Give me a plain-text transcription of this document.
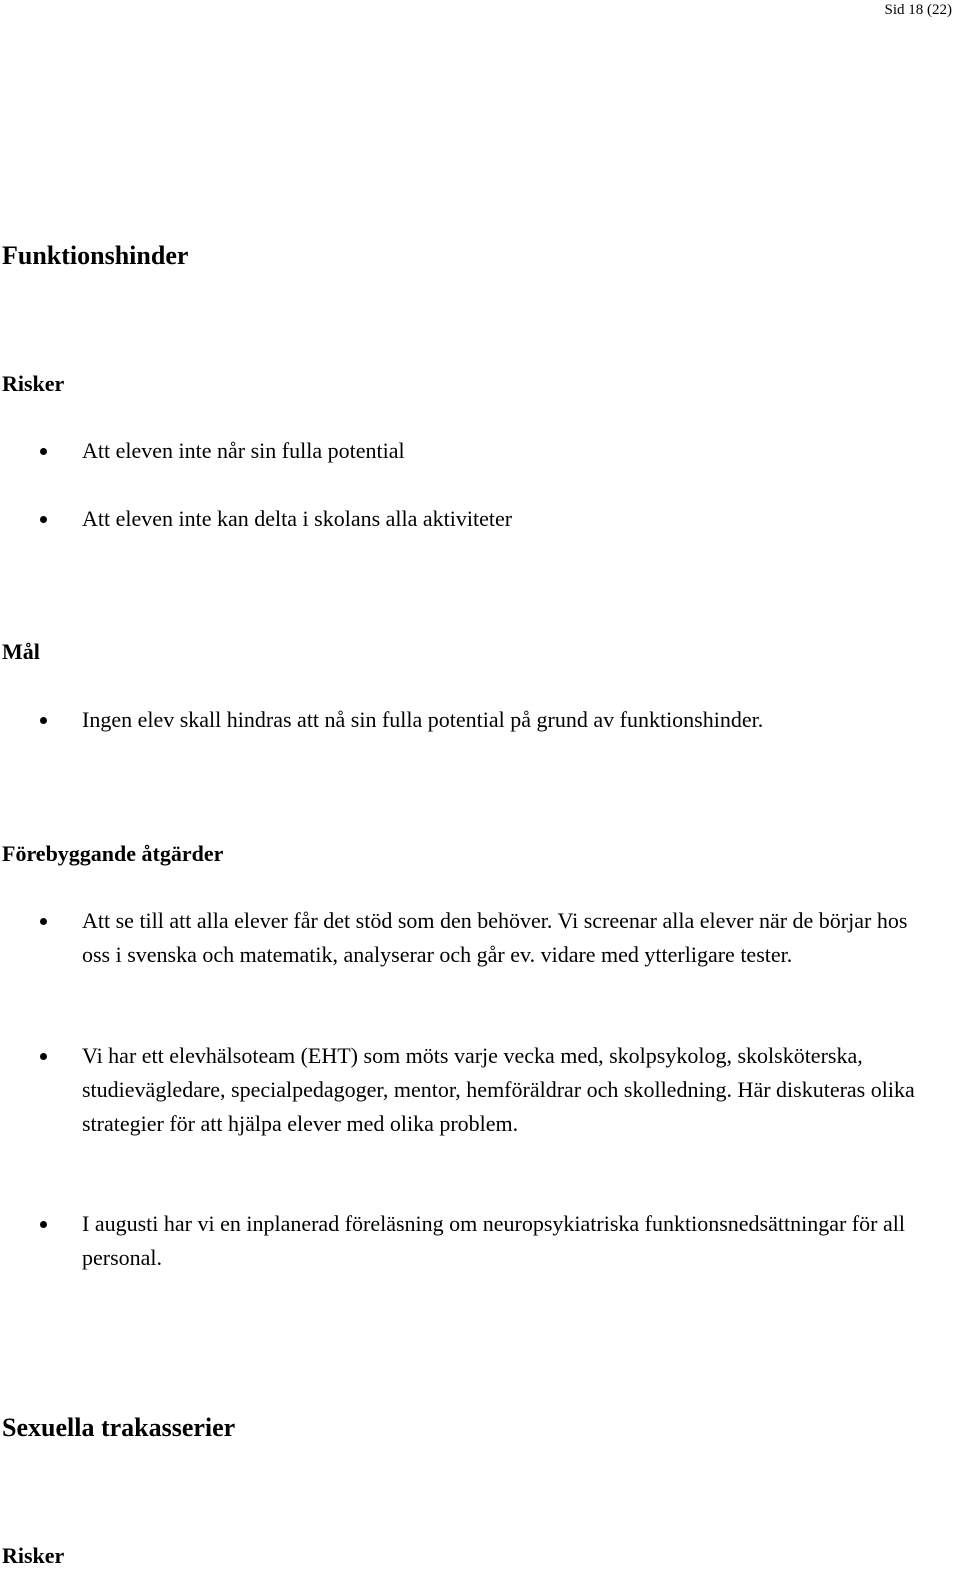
Sid 18 (22)
Funktionshinder
Risker
Att eleven inte når sin fulla potential
Att eleven inte kan delta i skolans alla aktiviteter
Mål
Ingen elev skall hindras att nå sin fulla potential på grund av funktionshinder.
Förebyggande åtgärder
Att se till att alla elever får det stöd som den behöver. Vi screenar alla elever när de börjar hos oss i svenska och matematik, analyserar och går ev. vidare med ytterligare tester.
Vi har ett elevhälsoteam (EHT) som möts varje vecka med, skolpsykolog, skolsköterska, studievägledare, specialpedagoger, mentor, hemföräldrar och skolledning. Här diskuteras olika strategier för att hjälpa elever med olika problem.
I augusti har vi en inplanerad föreläsning om neuropsykiatriska funktionsnedsättningar för all personal.
Sexuella trakasserier
Risker
